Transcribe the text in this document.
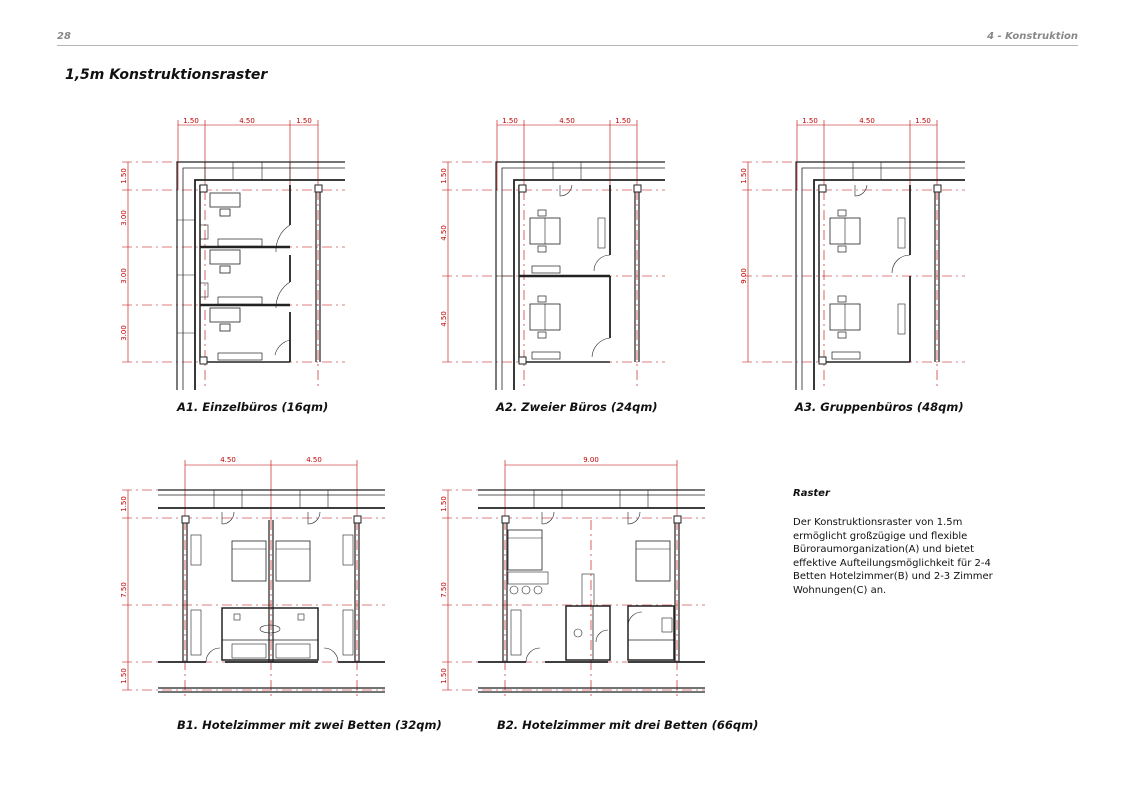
28	4 - Konstruktion
1,5m Konstruktionsraster
1.50	4.50	1.50
1.50
3.00
3.00
3.00
1.50	4.50	1.50
1.50
4.50
4.50
1.50	4.50	1.50
1.50
9.00
4.50	4.50
1.50
7.50
1.50
9.00
1.50
7.50
1.50
A1. Einzelbüros (16qm)	A2. Zweier Büros (24qm)	A3. Gruppenbüros (48qm)
B1. Hotelzimmer mit zwei Betten (32qm)	B2. Hotelzimmer mit drei Betten (66qm)
Raster
Der Konstruktionsraster von 1.5m ermöglicht großzügige und flexible Büroraumorganization(A) und bietet effektive Aufteilungsmöglichkeit für 2-4 Betten Hotelzimmer(B) und 2-3 Zimmer Wohnungen(C) an.
